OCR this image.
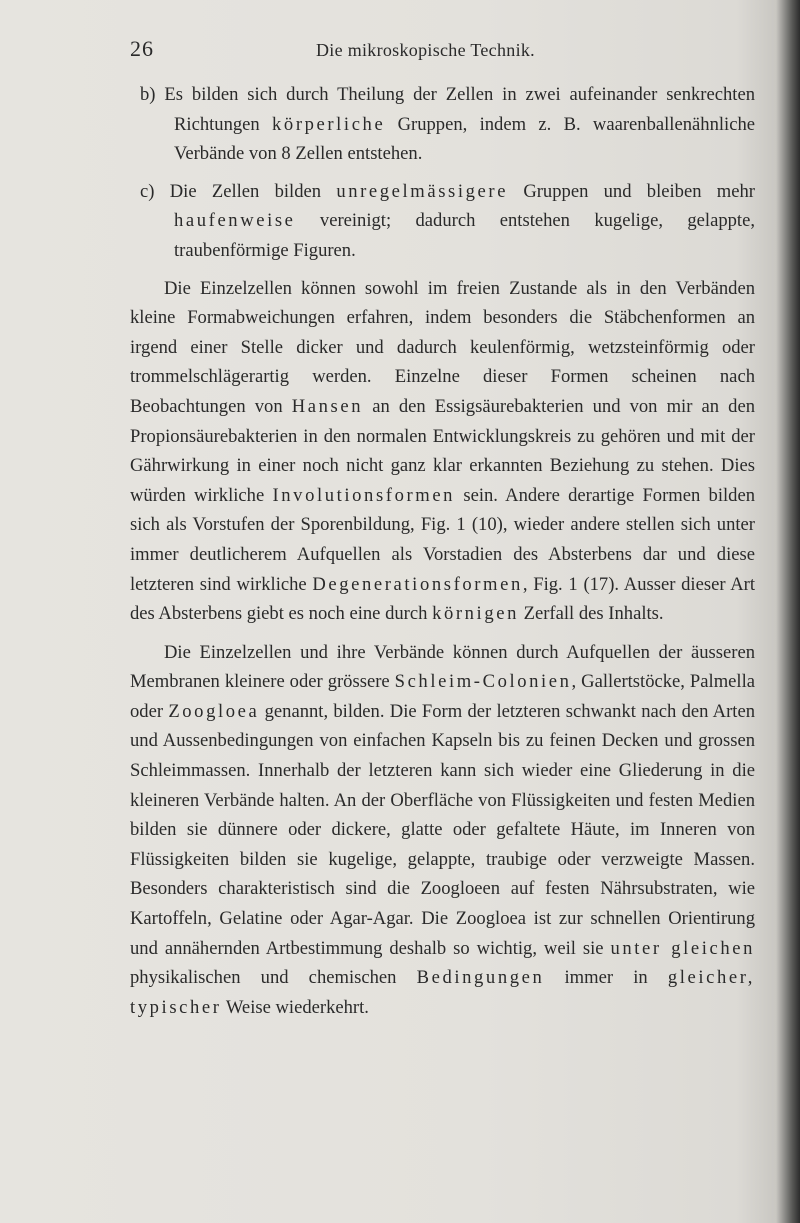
26	Die mikroskopische Technik.

b) Es bilden sich durch Theilung der Zellen in zwei aufeinander senkrechten Richtungen körperliche Gruppen, indem z. B. waarenballenähnliche Verbände von 8 Zellen entstehen.

c) Die Zellen bilden unregelmässigere Gruppen und bleiben mehr haufenweise vereinigt; dadurch entstehen kugelige, gelappte, traubenförmige Figuren.

Die Einzelzellen können sowohl im freien Zustande als in den Verbänden kleine Formabweichungen erfahren, indem besonders die Stäbchenformen an irgend einer Stelle dicker und dadurch keulenförmig, wetzsteinförmig oder trommelschlägerartig werden. Einzelne dieser Formen scheinen nach Beobachtungen von Hansen an den Essigsäurebakterien und von mir an den Propionsäurebakterien in den normalen Entwicklungskreis zu gehören und mit der Gährwirkung in einer noch nicht ganz klar erkannten Beziehung zu stehen. Dies würden wirkliche Involutionsformen sein. Andere derartige Formen bilden sich als Vorstufen der Sporenbildung, Fig. 1 (10), wieder andere stellen sich unter immer deutlicherem Aufquellen als Vorstadien des Absterbens dar und diese letzteren sind wirkliche Degenerationsformen, Fig. 1 (17). Ausser dieser Art des Absterbens giebt es noch eine durch körnigen Zerfall des Inhalts.

Die Einzelzellen und ihre Verbände können durch Aufquellen der äusseren Membranen kleinere oder grössere Schleim-Colonien, Gallertstöcke, Palmella oder Zoogloea genannt, bilden. Die Form der letzteren schwankt nach den Arten und Aussenbedingungen von einfachen Kapseln bis zu feinen Decken und grossen Schleimmassen. Innerhalb der letzteren kann sich wieder eine Gliederung in die kleineren Verbände halten. An der Oberfläche von Flüssigkeiten und festen Medien bilden sie dünnere oder dickere, glatte oder gefaltete Häute, im Inneren von Flüssigkeiten bilden sie kugelige, gelappte, traubige oder verzweigte Massen. Besonders charakteristisch sind die Zoogloeen auf festen Nährsubstraten, wie Kartoffeln, Gelatine oder Agar-Agar. Die Zoogloea ist zur schnellen Orientirung und annähernden Artbestimmung deshalb so wichtig, weil sie unter gleichen physikalischen und chemischen Bedingungen immer in gleicher, typischer Weise wiederkehrt.
